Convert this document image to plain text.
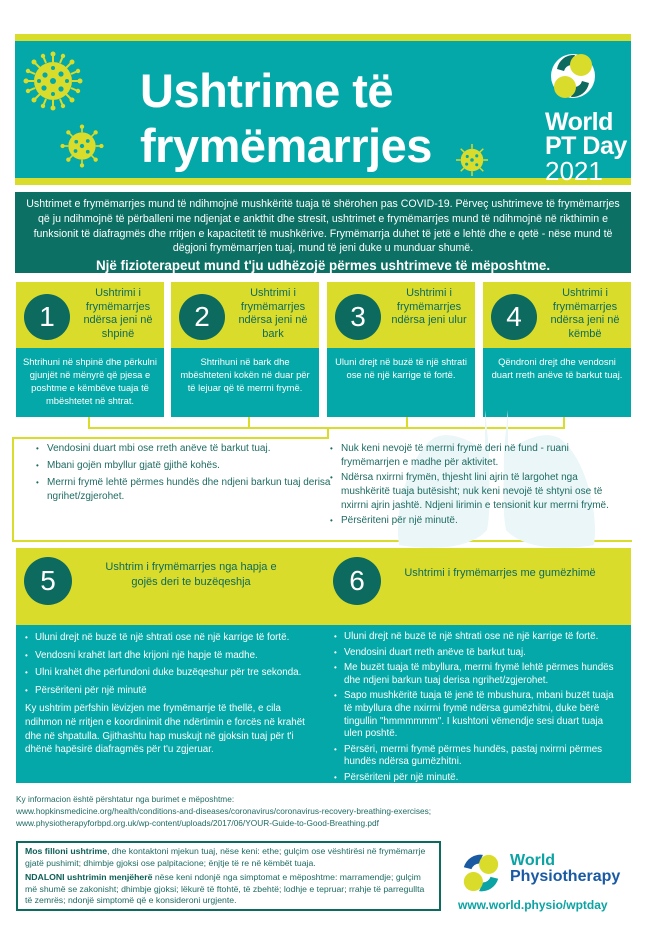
Ushtrime të
frymëmarrjes	World
PT Day
2021

Ushtrimet e frymëmarrjes mund të ndihmojnë mushkëritë tuaja të shërohen pas COVID-19. Përveç ushtrimeve të frymëmarrjes që ju ndihmojnë të përballeni me ndjenjat e ankthit dhe stresit, ushtrimet e frymëmarrjes mund të ndihmojnë në rikthimin e funksionit të diafragmës dhe rritjen e kapacitetit të mushkërive. Frymëmarrja duhet të jetë e lehtë dhe e qetë - nëse mund të dëgjoni frymëmarrjen tuaj, mund të jeni duke u munduar shumë.

Një fizioterapeut mund t'ju udhëzojë përmes ushtrimeve të mëposhtme.

1
Ushtrimi i frymëmarrjes ndërsa jeni në shpinë
Shtrihuni në shpinë dhe përkulni gjunjët në mënyrë që pjesa e poshtme e këmbëve tuaja të mbështetet në shtrat.
2
Ushtrimi i frymëmarrjes ndërsa jeni në bark
Shtrihuni në bark dhe mbështeteni kokën në duar për të lejuar që të merrni frymë.
3
Ushtrimi i frymëmarrjes ndërsa jeni ulur
Uluni drejt në buzë të një shtrati ose në një karrige të fortë.
4
Ushtrimi i frymëmarrjes ndërsa jeni në këmbë
Qëndroni drejt dhe vendosni duart rreth anëve të barkut tuaj.
• Vendosini duart mbi ose rreth anëve të barkut tuaj.
• Mbani gojën mbyllur gjatë gjithë kohës.
• Merrni frymë lehtë përmes hundës dhe ndjeni barkun tuaj derisa ngrihet/zgjerohet.
• Nuk keni nevojë të merrni frymë deri në fund - ruani frymëmarrjen e madhe për aktivitet.
• Ndërsa nxirrni frymën, thjesht lini ajrin të largohet nga mushkëritë tuaja butësisht; nuk keni nevojë të shtyni ose të nxirrni ajrin jashtë. Ndjeni lirimin e tensionit kur merrni frymë.
• Përsëriteni për një minutë.
5	Ushtrim i frymëmarrjes nga hapja e gojës deri te buzëqeshja
• Uluni drejt në buzë të një shtrati ose në një karrige të fortë.
• Vendosni krahët lart dhe krijoni një hapje të madhe.
• Ulni krahët dhe përfundoni duke buzëqeshur për tre sekonda.
• Përsëriteni për një minutë

Ky ushtrim përfshin lëvizjen me frymëmarrje të thellë, e cila ndihmon në rritjen e koordinimit dhe ndërtimin e forcës në krahët dhe në shpatulla. Gjithashtu hap muskujt në gjoksin tuaj për t'i dhënë hapësirë diafragmës për t'u zgjeruar.

6	Ushtrimi i frymëmarrjes me gumëzhimë
• Uluni drejt në buzë të një shtrati ose në një karrige të fortë.
• Vendosini duart rreth anëve të barkut tuaj.
• Me buzët tuaja të mbyllura, merrni frymë lehtë përmes hundës dhe ndjeni barkun tuaj derisa ngrihet/zgjerohet.
• Sapo mushkëritë tuaja të jenë të mbushura, mbani buzët tuaja të mbyllura dhe nxirrni frymë ndërsa gumëzhitni, duke bërë tingullin "hmmmmmm". I kushtoni vëmendje sesi duart tuaja ulen poshtë.
• Përsëri, merrni frymë përmes hundës, pastaj nxirrni përmes hundës ndërsa gumëzhitni.
• Përsëriteni për një minutë.
Ky informacion është përshtatur nga burimet e mëposhtme:
www.hopkinsmedicine.org/health/conditions-and-diseases/coronavirus/coronavirus-recovery-breathing-exercises;
www.physiotherapyforbpd.org.uk/wp-content/uploads/2017/06/YOUR-Guide-to-Good-Breathing.pdf

Mos filloni ushtrime, dhe kontaktoni mjekun tuaj, nëse keni: ethe; gulçim ose vështirësi në frymëmarrje gjatë pushimit; dhimbje gjoksi ose palpitacione; ënjtje të re në këmbët tuaja.

NDALONI ushtrimin menjëherë nëse keni ndonjë nga simptomat e mëposhtme: marramendje; gulçim më shumë se zakonisht; dhimbje gjoksi; lëkurë të ftohtë, të zbehtë; lodhje e tepruar; rrahje të parregullta të zemrës; ndonjë simptomë që e konsideroni urgjente.

World
Physiotherapy
www.world.physio/wptday
